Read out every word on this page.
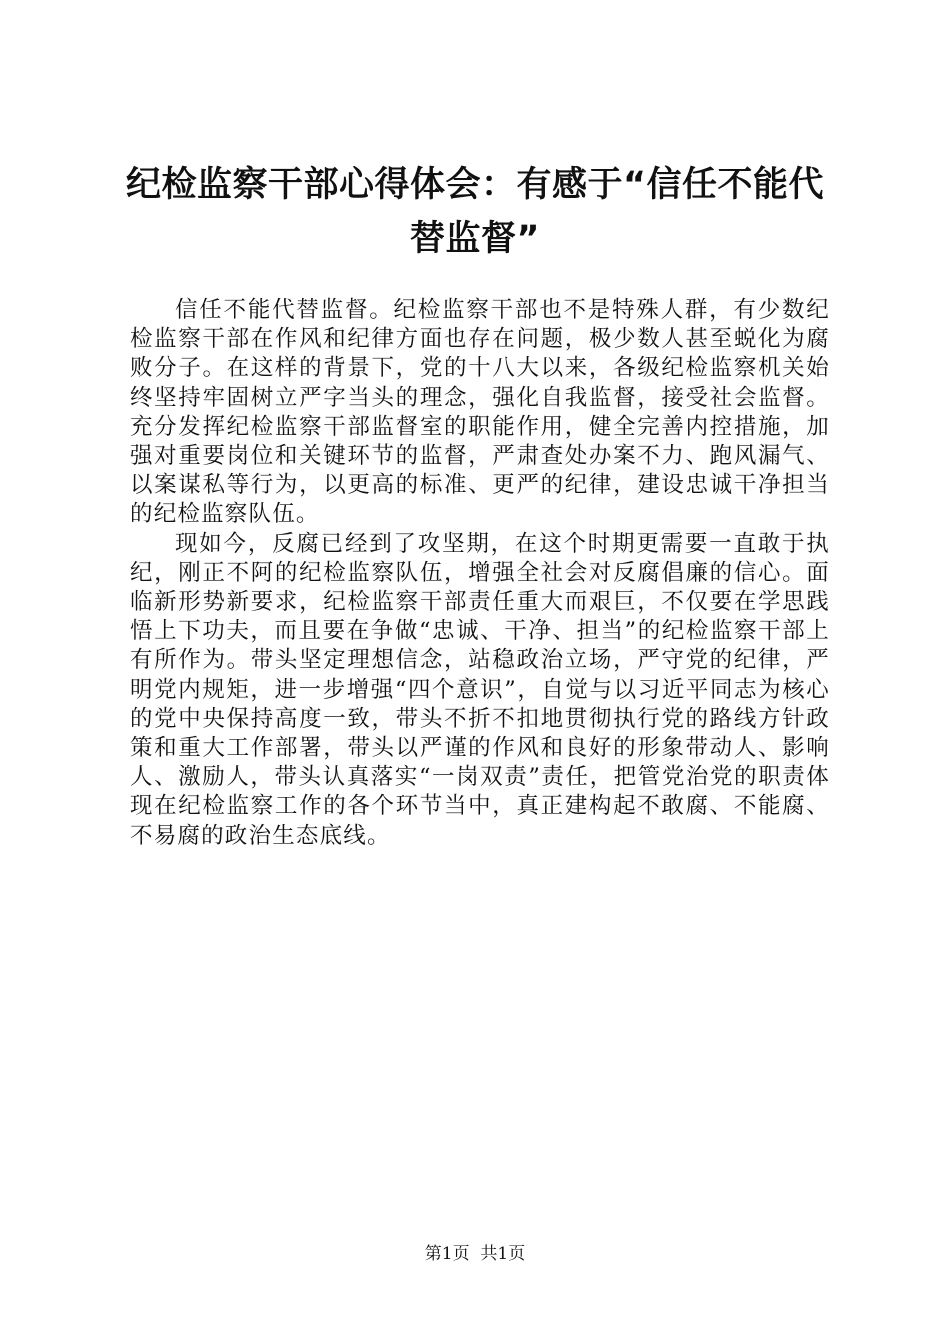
纪检监察干部心得体会：有感于“信任不能代替监督”

信任不能代替监督。纪检监察干部也不是特殊人群，有少数纪检监察干部在作风和纪律方面也存在问题，极少数人甚至蜕化为腐败分子。在这样的背景下，党的十八大以来，各级纪检监察机关始终坚持牢固树立严字当头的理念，强化自我监督，接受社会监督。充分发挥纪检监察干部监督室的职能作用，健全完善内控措施，加强对重要岗位和关键环节的监督，严肃查处办案不力、跑风漏气、以案谋私等行为，以更高的标准、更严的纪律，建设忠诚干净担当的纪检监察队伍。

现如今，反腐已经到了攻坚期，在这个时期更需要一直敢于执纪，刚正不阿的纪检监察队伍，增强全社会对反腐倡廉的信心。面临新形势新要求，纪检监察干部责任重大而艰巨，不仅要在学思践悟上下功夫，而且要在争做“忠诚、干净、担当”的纪检监察干部上有所作为。带头坚定理想信念，站稳政治立场，严守党的纪律，严明党内规矩，进一步增强“四个意识”，自觉与以习近平同志为核心的党中央保持高度一致，带头不折不扣地贯彻执行党的路线方针政策和重大工作部署，带头以严谨的作风和良好的形象带动人、影响人、激励人，带头认真落实“一岗双责”责任，把管党治党的职责体现在纪检监察工作的各个环节当中，真正建构起不敢腐、不能腐、不易腐的政治生态底线。

第1页 共1页
